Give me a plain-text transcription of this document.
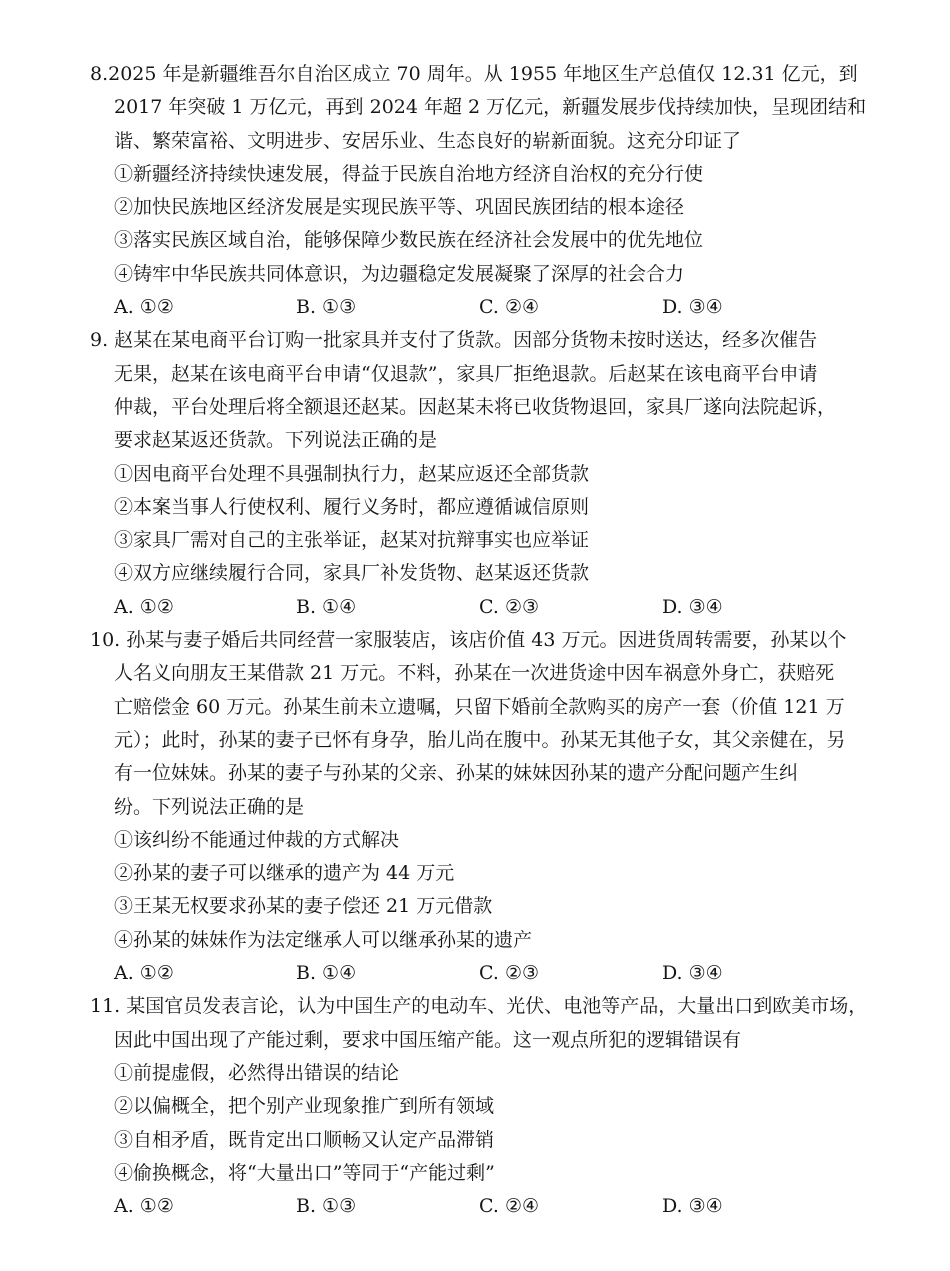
8.2025 年是新疆维吾尔自治区成立 70 周年。从 1955 年地区生产总值仅 12.31 亿元，到
2017 年突破 1 万亿元，再到 2024 年超 2 万亿元，新疆发展步伐持续加快，呈现团结和
谐、繁荣富裕、文明进步、安居乐业、生态良好的崭新面貌。这充分印证了
①新疆经济持续快速发展，得益于民族自治地方经济自治权的充分行使
②加快民族地区经济发展是实现民族平等、巩固民族团结的根本途径
③落实民族区域自治，能够保障少数民族在经济社会发展中的优先地位
④铸牢中华民族共同体意识，为边疆稳定发展凝聚了深厚的社会合力
A. ①②	B. ①③	C. ②④	D. ③④
9. 赵某在某电商平台订购一批家具并支付了货款。因部分货物未按时送达，经多次催告
无果，赵某在该电商平台申请“仅退款”，家具厂拒绝退款。后赵某在该电商平台申请
仲裁，平台处理后将全额退还赵某。因赵某未将已收货物退回，家具厂遂向法院起诉，
要求赵某返还货款。下列说法正确的是
①因电商平台处理不具强制执行力，赵某应返还全部货款
②本案当事人行使权利、履行义务时，都应遵循诚信原则
③家具厂需对自己的主张举证，赵某对抗辩事实也应举证
④双方应继续履行合同，家具厂补发货物、赵某返还货款
A. ①②	B. ①④	C. ②③	D. ③④
10. 孙某与妻子婚后共同经营一家服装店，该店价值 43 万元。因进货周转需要，孙某以个
人名义向朋友王某借款 21 万元。不料，孙某在一次进货途中因车祸意外身亡，获赔死
亡赔偿金 60 万元。孙某生前未立遗嘱，只留下婚前全款购买的房产一套（价值 121 万
元）；此时，孙某的妻子已怀有身孕，胎儿尚在腹中。孙某无其他子女，其父亲健在，另
有一位妹妹。孙某的妻子与孙某的父亲、孙某的妹妹因孙某的遗产分配问题产生纠
纷。下列说法正确的是
①该纠纷不能通过仲裁的方式解决
②孙某的妻子可以继承的遗产为 44 万元
③王某无权要求孙某的妻子偿还 21 万元借款
④孙某的妹妹作为法定继承人可以继承孙某的遗产
A. ①②	B. ①④	C. ②③	D. ③④
11. 某国官员发表言论，认为中国生产的电动车、光伏、电池等产品，大量出口到欧美市场，
因此中国出现了产能过剩，要求中国压缩产能。这一观点所犯的逻辑错误有
①前提虚假，必然得出错误的结论
②以偏概全，把个别产业现象推广到所有领域
③自相矛盾，既肯定出口顺畅又认定产品滞销
④偷换概念，将“大量出口”等同于“产能过剩”
A. ①②	B. ①③	C. ②④	D. ③④
